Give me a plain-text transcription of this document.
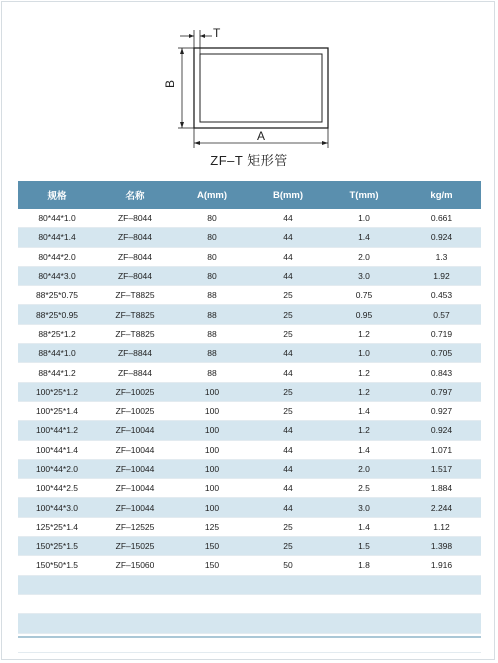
T
B
A
ZF–T 矩形管
规格	名称	A(mm)	B(mm)	T(mm)	kg/m
80*44*1.0	ZF–8044	80	44	1.0	0.661
80*44*1.4	ZF–8044	80	44	1.4	0.924
80*44*2.0	ZF–8044	80	44	2.0	1.3
80*44*3.0	ZF–8044	80	44	3.0	1.92
88*25*0.75	ZF–T8825	88	25	0.75	0.453
88*25*0.95	ZF–T8825	88	25	0.95	0.57
88*25*1.2	ZF–T8825	88	25	1.2	0.719
88*44*1.0	ZF–8844	88	44	1.0	0.705
88*44*1.2	ZF–8844	88	44	1.2	0.843
100*25*1.2	ZF–10025	100	25	1.2	0.797
100*25*1.4	ZF–10025	100	25	1.4	0.927
100*44*1.2	ZF–10044	100	44	1.2	0.924
100*44*1.4	ZF–10044	100	44	1.4	1.071
100*44*2.0	ZF–10044	100	44	2.0	1.517
100*44*2.5	ZF–10044	100	44	2.5	1.884
100*44*3.0	ZF–10044	100	44	3.0	2.244
125*25*1.4	ZF–12525	125	25	1.4	1.12
150*25*1.5	ZF–15025	150	25	1.5	1.398
150*50*1.5	ZF–15060	150	50	1.8	1.916
